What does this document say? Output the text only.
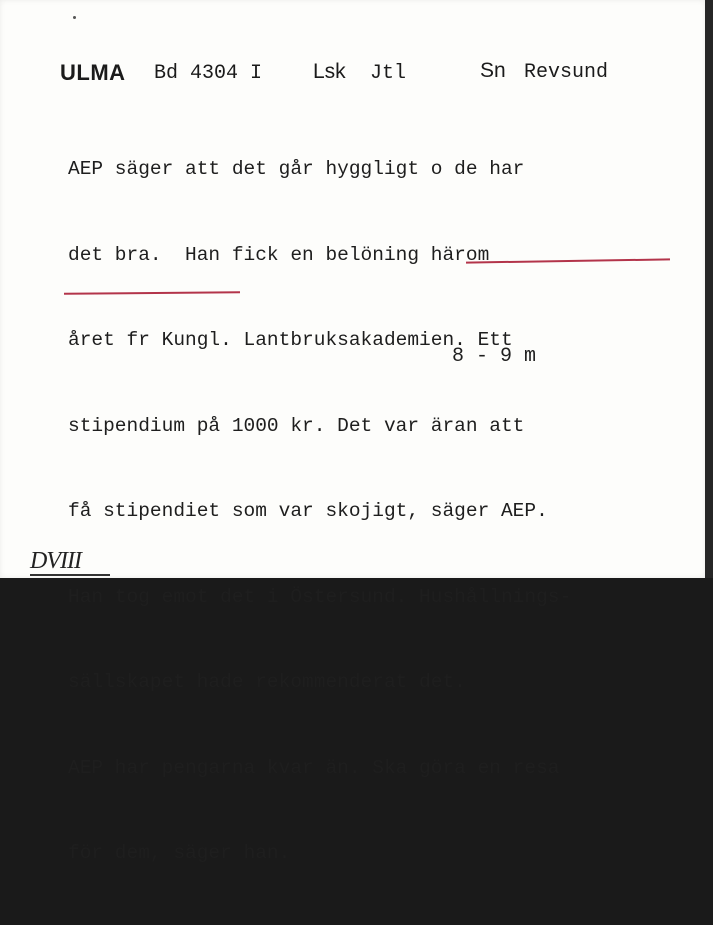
ULMA Bd 4304 I Lsk Jtl	Sn Revsund

AEP säger att det går hyggligt o de har

det bra.  Han fick en belöning härom

året fr Kungl. Lantbruksakademien. Ett

stipendium på 1000 kr. Det var äran att

få stipendiet som var skojigt, säger AEP.

Han tog emot det i Östersund. Hushållnings-

sällskapet hade rekommenderat det.

AEP har pengarna kvar än. Ska göra en resa

för dem, säger han.

8 - 9 m
DVIII
